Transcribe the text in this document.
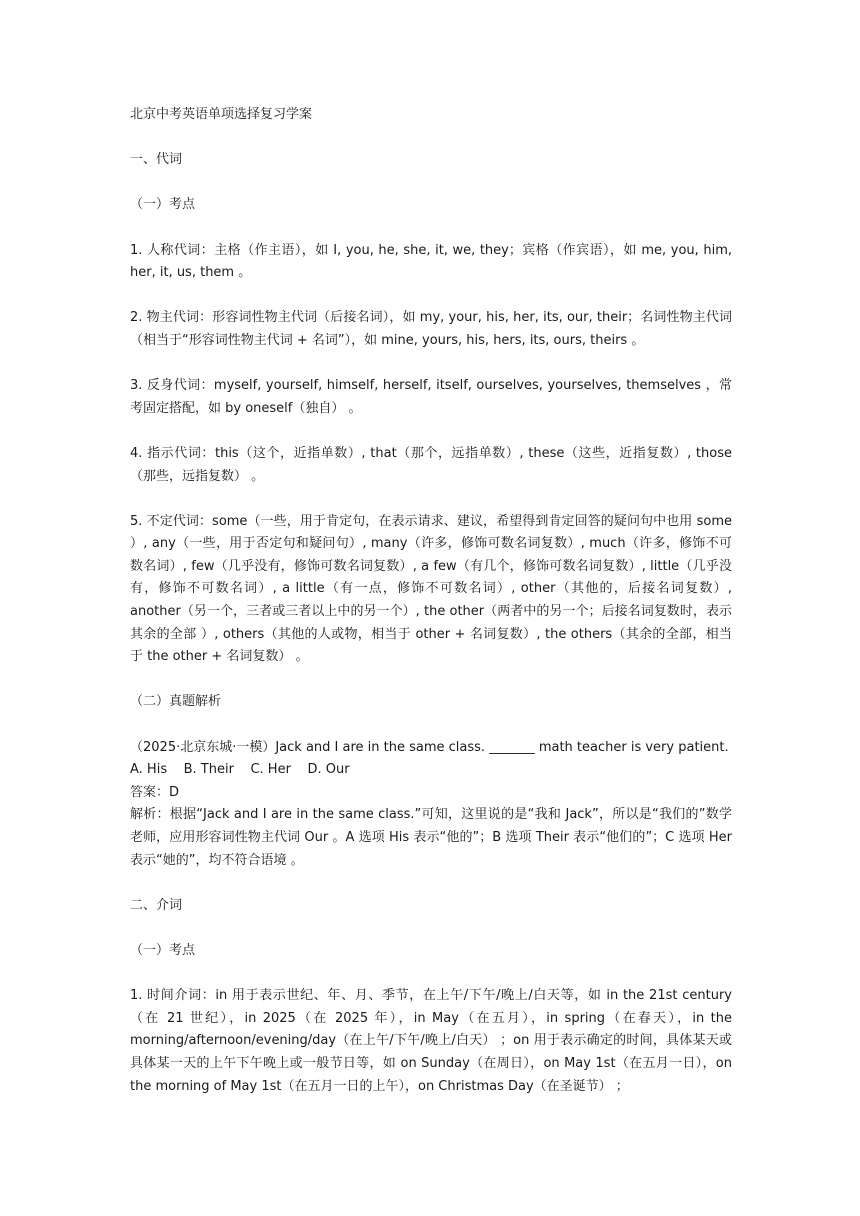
北京中考英语单项选择复习学案

一、代词

（一）考点

1. 人称代词：主格（作主语），如 I, you, he, she, it, we, they；宾格（作宾语），如 me, you, him, her, it, us, them 。

2. 物主代词：形容词性物主代词（后接名词），如 my, your, his, her, its, our, their；名词性物主代词（相当于“形容词性物主代词 + 名词”），如 mine, yours, his, hers, its, ours, theirs 。

3. 反身代词：myself, yourself, himself, herself, itself, ourselves, yourselves, themselves ，常考固定搭配，如 by oneself（独自） 。

4. 指示代词：this（这个，近指单数）, that（那个，远指单数）, these（这些，近指复数）, those（那些，远指复数） 。

5. 不定代词：some（一些，用于肯定句，在表示请求、建议，希望得到肯定回答的疑问句中也用 some ）, any（一些，用于否定句和疑问句）, many（许多，修饰可数名词复数）, much（许多，修饰不可数名词）, few（几乎没有，修饰可数名词复数）, a few（有几个，修饰可数名词复数）, little（几乎没有，修饰不可数名词）, a little（有一点，修饰不可数名词）, other（其他的，后接名词复数）, another（另一个，三者或三者以上中的另一个）, the other（两者中的另一个；后接名词复数时，表示其余的全部 ）, others（其他的人或物，相当于 other + 名词复数）, the others（其余的全部，相当于 the other + 名词复数） 。

（二）真题解析

（2025·北京东城·一模）Jack and I are in the same class. _______ math teacher is very patient.

A. His    B. Their    C. Her    D. Our

答案：D

解析：根据“Jack and I are in the same class.”可知，这里说的是“我和 Jack”，所以是“我们的”数学老师，应用形容词性物主代词 Our 。A 选项 His 表示“他的”；B 选项 Their 表示“他们的”；C 选项 Her 表示“她的”，均不符合语境 。

二、介词

（一）考点

1. 时间介词：in 用于表示世纪、年、月、季节，在上午/下午/晚上/白天等，如 in the 21st century（在 21 世纪），in 2025（在 2025 年），in May（在五月），in spring（在春天），in the morning/afternoon/evening/day（在上午/下午/晚上/白天） ；on 用于表示确定的时间，具体某天或具体某一天的上午下午晚上或一般节日等，如 on Sunday（在周日），on May 1st（在五月一日），on the morning of May 1st（在五月一日的上午），on Christmas Day（在圣诞节） ；
